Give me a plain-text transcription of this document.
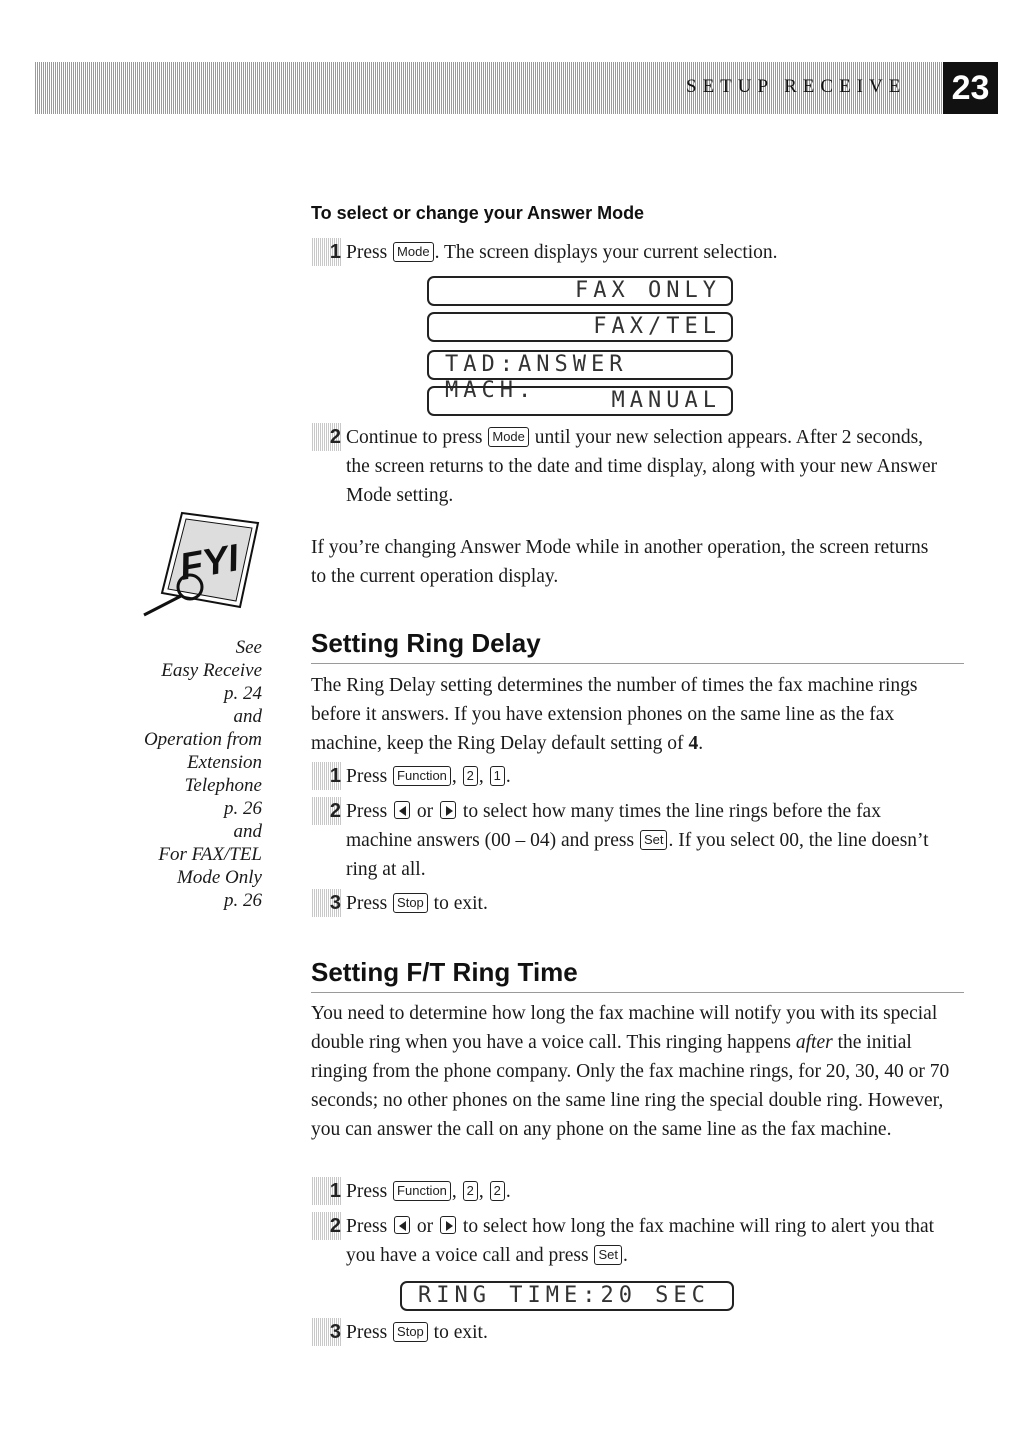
SETUP RECEIVE 23
To select or change your Answer Mode
1 Press Mode . The screen displays your current selection.
FAX ONLY
FAX/TEL
TAD:ANSWER MACH.	MANUAL
2 Continue to press Mode until your new selection appears. After 2 seconds, the screen returns to the date and time display, along with your new Answer Mode setting.
FYI	If you’re changing Answer Mode while in another operation, the screen returns to the current operation display.
See
Easy Receive
p. 24
and
Operation from
Extension
Telephone
p. 26
and
For FAX/TEL
Mode Only
p. 26
Setting Ring Delay
The Ring Delay setting determines the number of times the fax machine rings before it answers. If you have extension phones on the same line as the fax machine, keep the Ring Delay default setting of 4.
1 Press Function , 2 , 1 .
2 Press or to select how many times the line rings before the fax machine answers (00 – 04) and press Set . If you select 00, the line doesn’t ring at all.
3 Press Stop to exit.
Setting F/T Ring Time
You need to determine how long the fax machine will notify you with its special double ring when you have a voice call. This ringing happens after the initial ringing from the phone company. Only the fax machine rings, for 20, 30, 40 or 70 seconds; no other phones on the same line ring the special double ring. However, you can answer the call on any phone on the same line as the fax machine.
1 Press Function , 2 , 2 .
2 Press or to select how long the fax machine will ring to alert you that you have a voice call and press Set .
RING TIME:20 SEC
3 Press Stop to exit.
